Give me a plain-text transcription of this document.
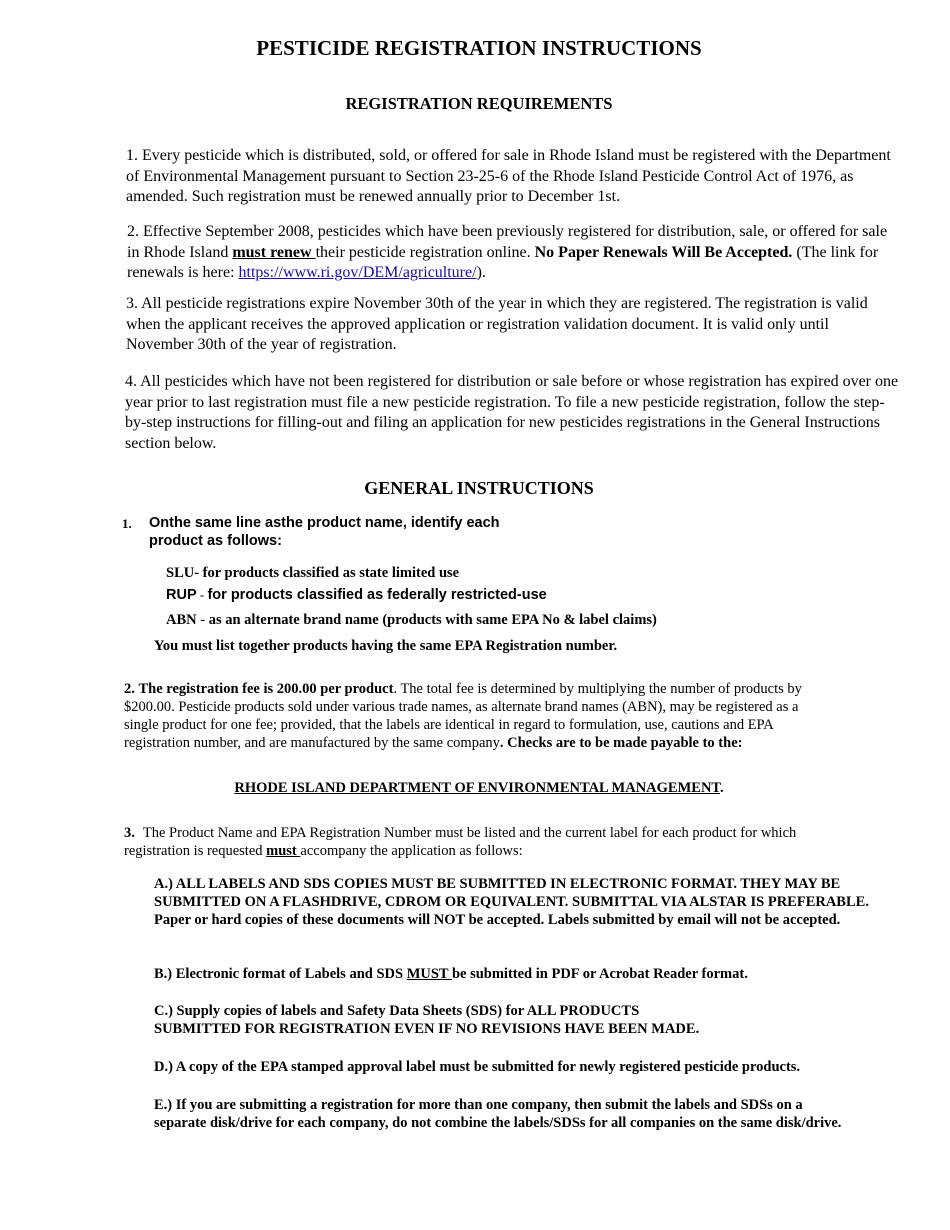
PESTICIDE REGISTRATION INSTRUCTIONS
REGISTRATION REQUIREMENTS
1. Every pesticide which is distributed, sold, or offered for sale in Rhode Island must be registered with the Department of Environmental Management pursuant to Section 23-25-6 of the Rhode Island Pesticide Control Act of 1976, as amended. Such registration must be renewed annually prior to December 1st.
2. Effective September 2008, pesticides which have been previously registered for distribution, sale, or offered for sale in Rhode Island must renew their pesticide registration online. No Paper Renewals Will Be Accepted. (The link for renewals is here: https://www.ri.gov/DEM/agriculture/).
3. All pesticide registrations expire November 30th of the year in which they are registered. The registration is valid when the applicant receives the approved application or registration validation document. It is valid only until November 30th of the year of registration.
4. All pesticides which have not been registered for distribution or sale before or whose registration has expired over one year prior to last registration must file a new pesticide registration. To file a new pesticide registration, follow the step-by-step instructions for filling-out and filing an application for new pesticides registrations in the General Instructions section below.
GENERAL INSTRUCTIONS
1. Onthe same line asthe product name, identify each
product as follows:
SLU- for products classified as state limited use
RUP - for products classified as federally restricted-use
ABN - as an alternate brand name (products with same EPA No & label claims)
You must list together products having the same EPA Registration number.
2. The registration fee is 200.00 per product. The total fee is determined by multiplying the number of products by $200.00. Pesticide products sold under various trade names, as alternate brand names (ABN), may be registered as a single product for one fee; provided, that the labels are identical in regard to formulation, use, cautions and EPA registration number, and are manufactured by the same company. Checks are to be made payable to the:
RHODE ISLAND DEPARTMENT OF ENVIRONMENTAL MANAGEMENT.
3. The Product Name and EPA Registration Number must be listed and the current label for each product for which registration is requested must accompany the application as follows:
A.) ALL LABELS AND SDS COPIES MUST BE SUBMITTED IN ELECTRONIC FORMAT. THEY MAY BE SUBMITTED ON A FLASHDRIVE, CDROM OR EQUIVALENT. SUBMITTAL VIA ALSTAR IS PREFERABLE. Paper or hard copies of these documents will NOT be accepted. Labels submitted by email will not be accepted.
B.) Electronic format of Labels and SDS MUST be submitted in PDF or Acrobat Reader format.
C.) Supply copies of labels and Safety Data Sheets (SDS) for ALL PRODUCTS
SUBMITTED FOR REGISTRATION EVEN IF NO REVISIONS HAVE BEEN MADE.
D.) A copy of the EPA stamped approval label must be submitted for newly registered pesticide products.
E.) If you are submitting a registration for more than one company, then submit the labels and SDSs on a separate disk/drive for each company, do not combine the labels/SDSs for all companies on the same disk/drive.
